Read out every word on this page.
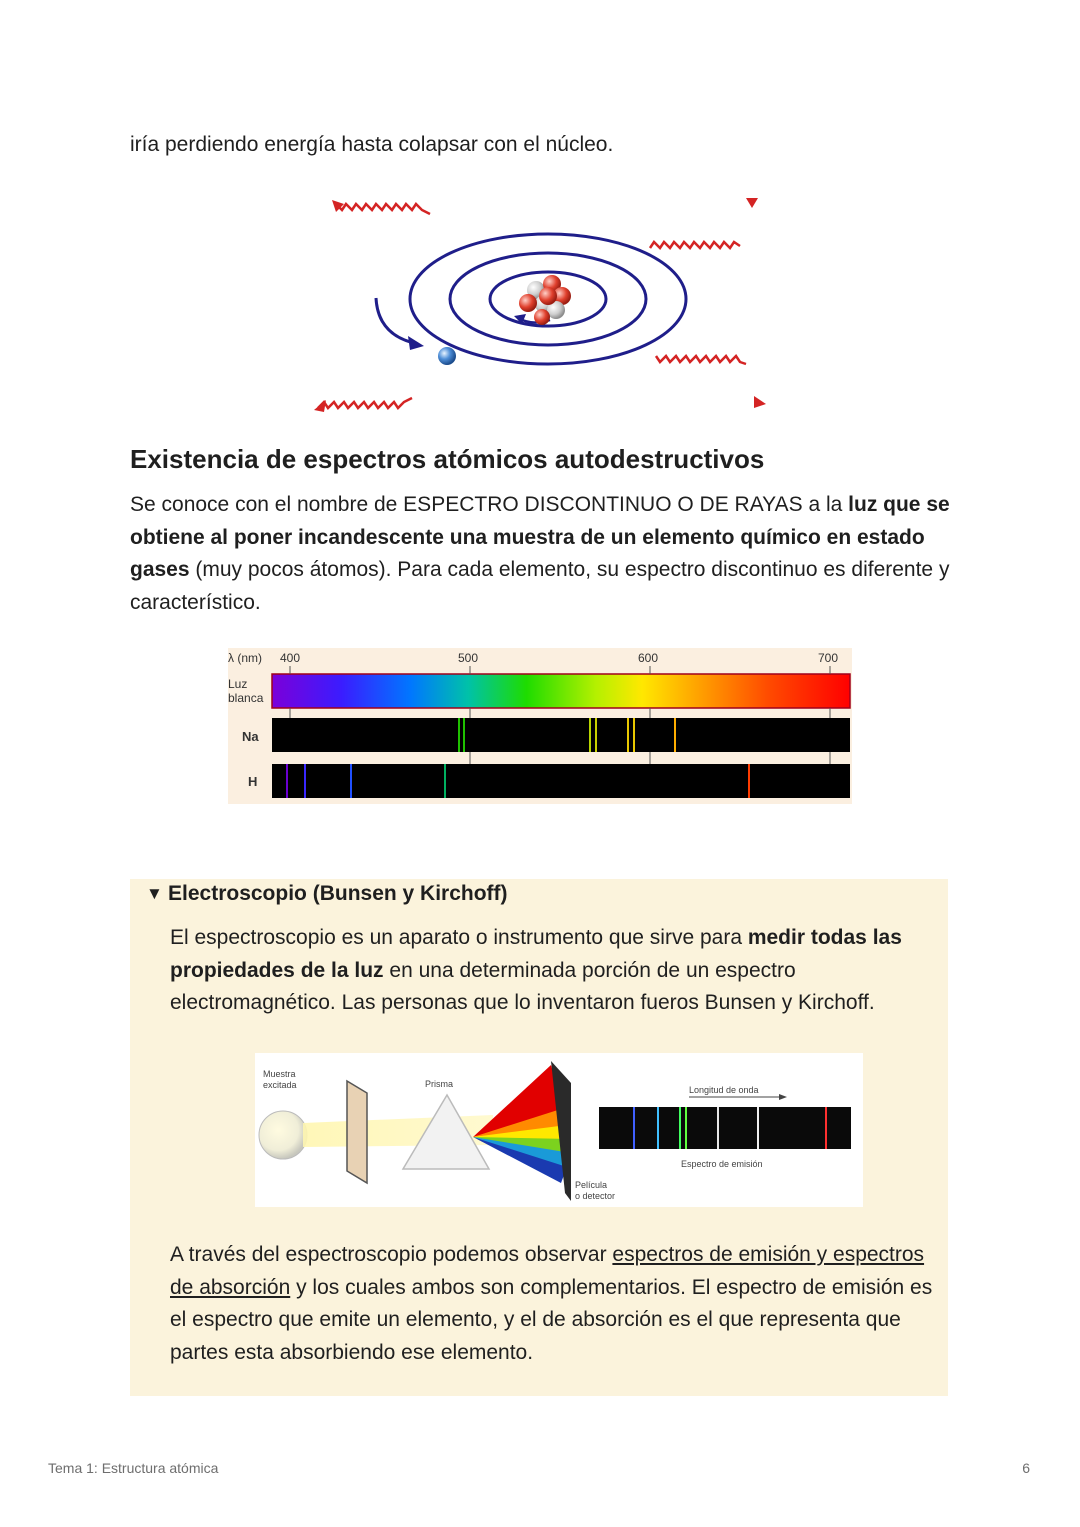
iría perdiendo energía hasta colapsar con el núcleo.

Existencia de espectros atómicos autodestructivos

Se conoce con el nombre de ESPECTRO DISCONTINUO O DE RAYAS a la luz que se obtiene al poner incandescente una muestra de un elemento químico en estado gases (muy pocos átomos). Para cada elemento, su espectro discontinuo es diferente y característico.

λ (nm) 400	500	600	700
Luz
blanca
Na
H
▼ Electroscopio (Bunsen y Kirchoff)

El espectroscopio es un aparato o instrumento que sirve para medir todas las propiedades de la luz en una determinada porción de un espectro electromagnético. Las personas que lo inventaron fueros Bunsen y Kirchoff.

Muestra
excitada	Prisma
Película
o detector
Longitud de onda
Espectro de emisión

A través del espectroscopio podemos observar espectros de emisión y espectros de absorción y los cuales ambos son complementarios. El espectro de emisión es el espectro que emite un elemento, y el de absorción es el que representa que partes esta absorbiendo ese elemento.

Tema 1: Estructura atómica	6
